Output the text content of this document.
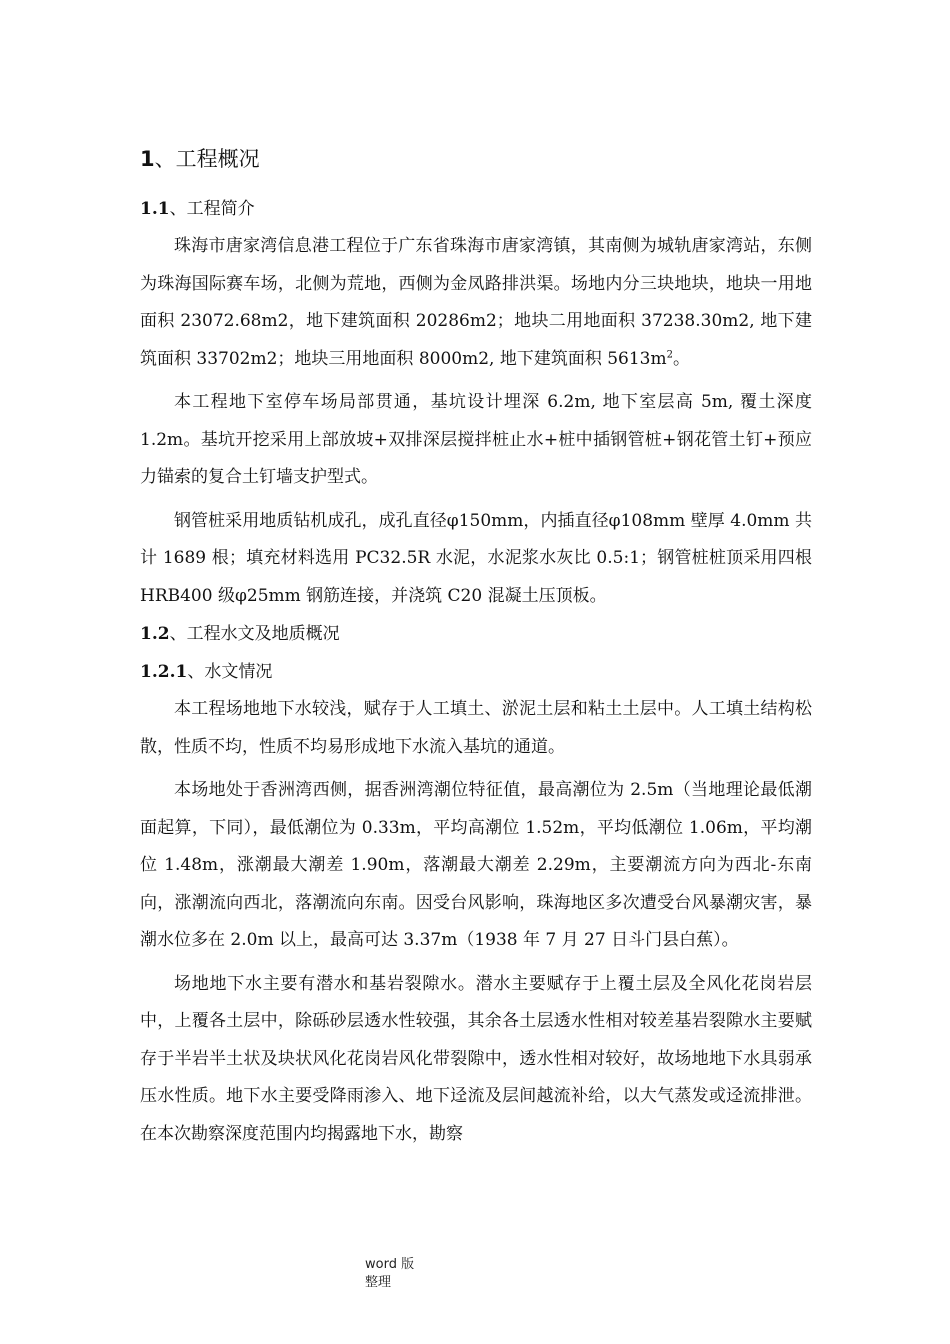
1、工程概况
1.1、工程简介

珠海市唐家湾信息港工程位于广东省珠海市唐家湾镇，其南侧为城轨唐家湾站，东侧为珠海国际赛车场，北侧为荒地，西侧为金凤路排洪渠。场地内分三块地块，地块一用地面积 23072.68m2，地下建筑面积 20286m2；地块二用地面积 37238.30m2, 地下建筑面积 33702m2；地块三用地面积 8000m2, 地下建筑面积 $5613m^2$。

本工程地下室停车场局部贯通，基坑设计埋深 6.2m, 地下室层高 5m, 覆土深度 1.2m。基坑开挖采用上部放坡+双排深层搅拌桩止水+桩中插钢管桩+钢花管土钉+预应力锚索的复合土钉墙支护型式。

钢管桩采用地质钻机成孔，成孔直径φ150mm，内插直径φ108mm 壁厚 4.0mm 共计 1689 根；填充材料选用 PC32.5R 水泥，水泥浆水灰比 0.5:1；钢管桩桩顶采用四根 HRB400 级φ25mm 钢筋连接，并浇筑 C20 混凝土压顶板。

1.2、工程水文及地质概况
1.2.1、水文情况

本工程场地地下水较浅，赋存于人工填土、淤泥土层和粘土土层中。人工填土结构松散，性质不均，性质不均易形成地下水流入基坑的通道。

本场地处于香洲湾西侧，据香洲湾潮位特征值，最高潮位为 2.5m（当地理论最低潮面起算，下同），最低潮位为 0.33m，平均高潮位 1.52m，平均低潮位 1.06m，平均潮位 1.48m，涨潮最大潮差 1.90m，落潮最大潮差 2.29m，主要潮流方向为西北-东南向，涨潮流向西北，落潮流向东南。因受台风影响，珠海地区多次遭受台风暴潮灾害，暴潮水位多在 2.0m 以上，最高可达 3.37m（1938 年 7 月 27 日斗门县白蕉）。

场地地下水主要有潜水和基岩裂隙水。潜水主要赋存于上覆土层及全风化花岗岩层中，上覆各土层中，除砾砂层透水性较强，其余各土层透水性相对较差基岩裂隙水主要赋存于半岩半土状及块状风化花岗岩风化带裂隙中，透水性相对较好，故场地地下水具弱承压水性质。地下水主要受降雨渗入、地下迳流及层间越流补给，以大气蒸发或迳流排泄。在本次勘察深度范围内均揭露地下水，勘察

word 版
整理
